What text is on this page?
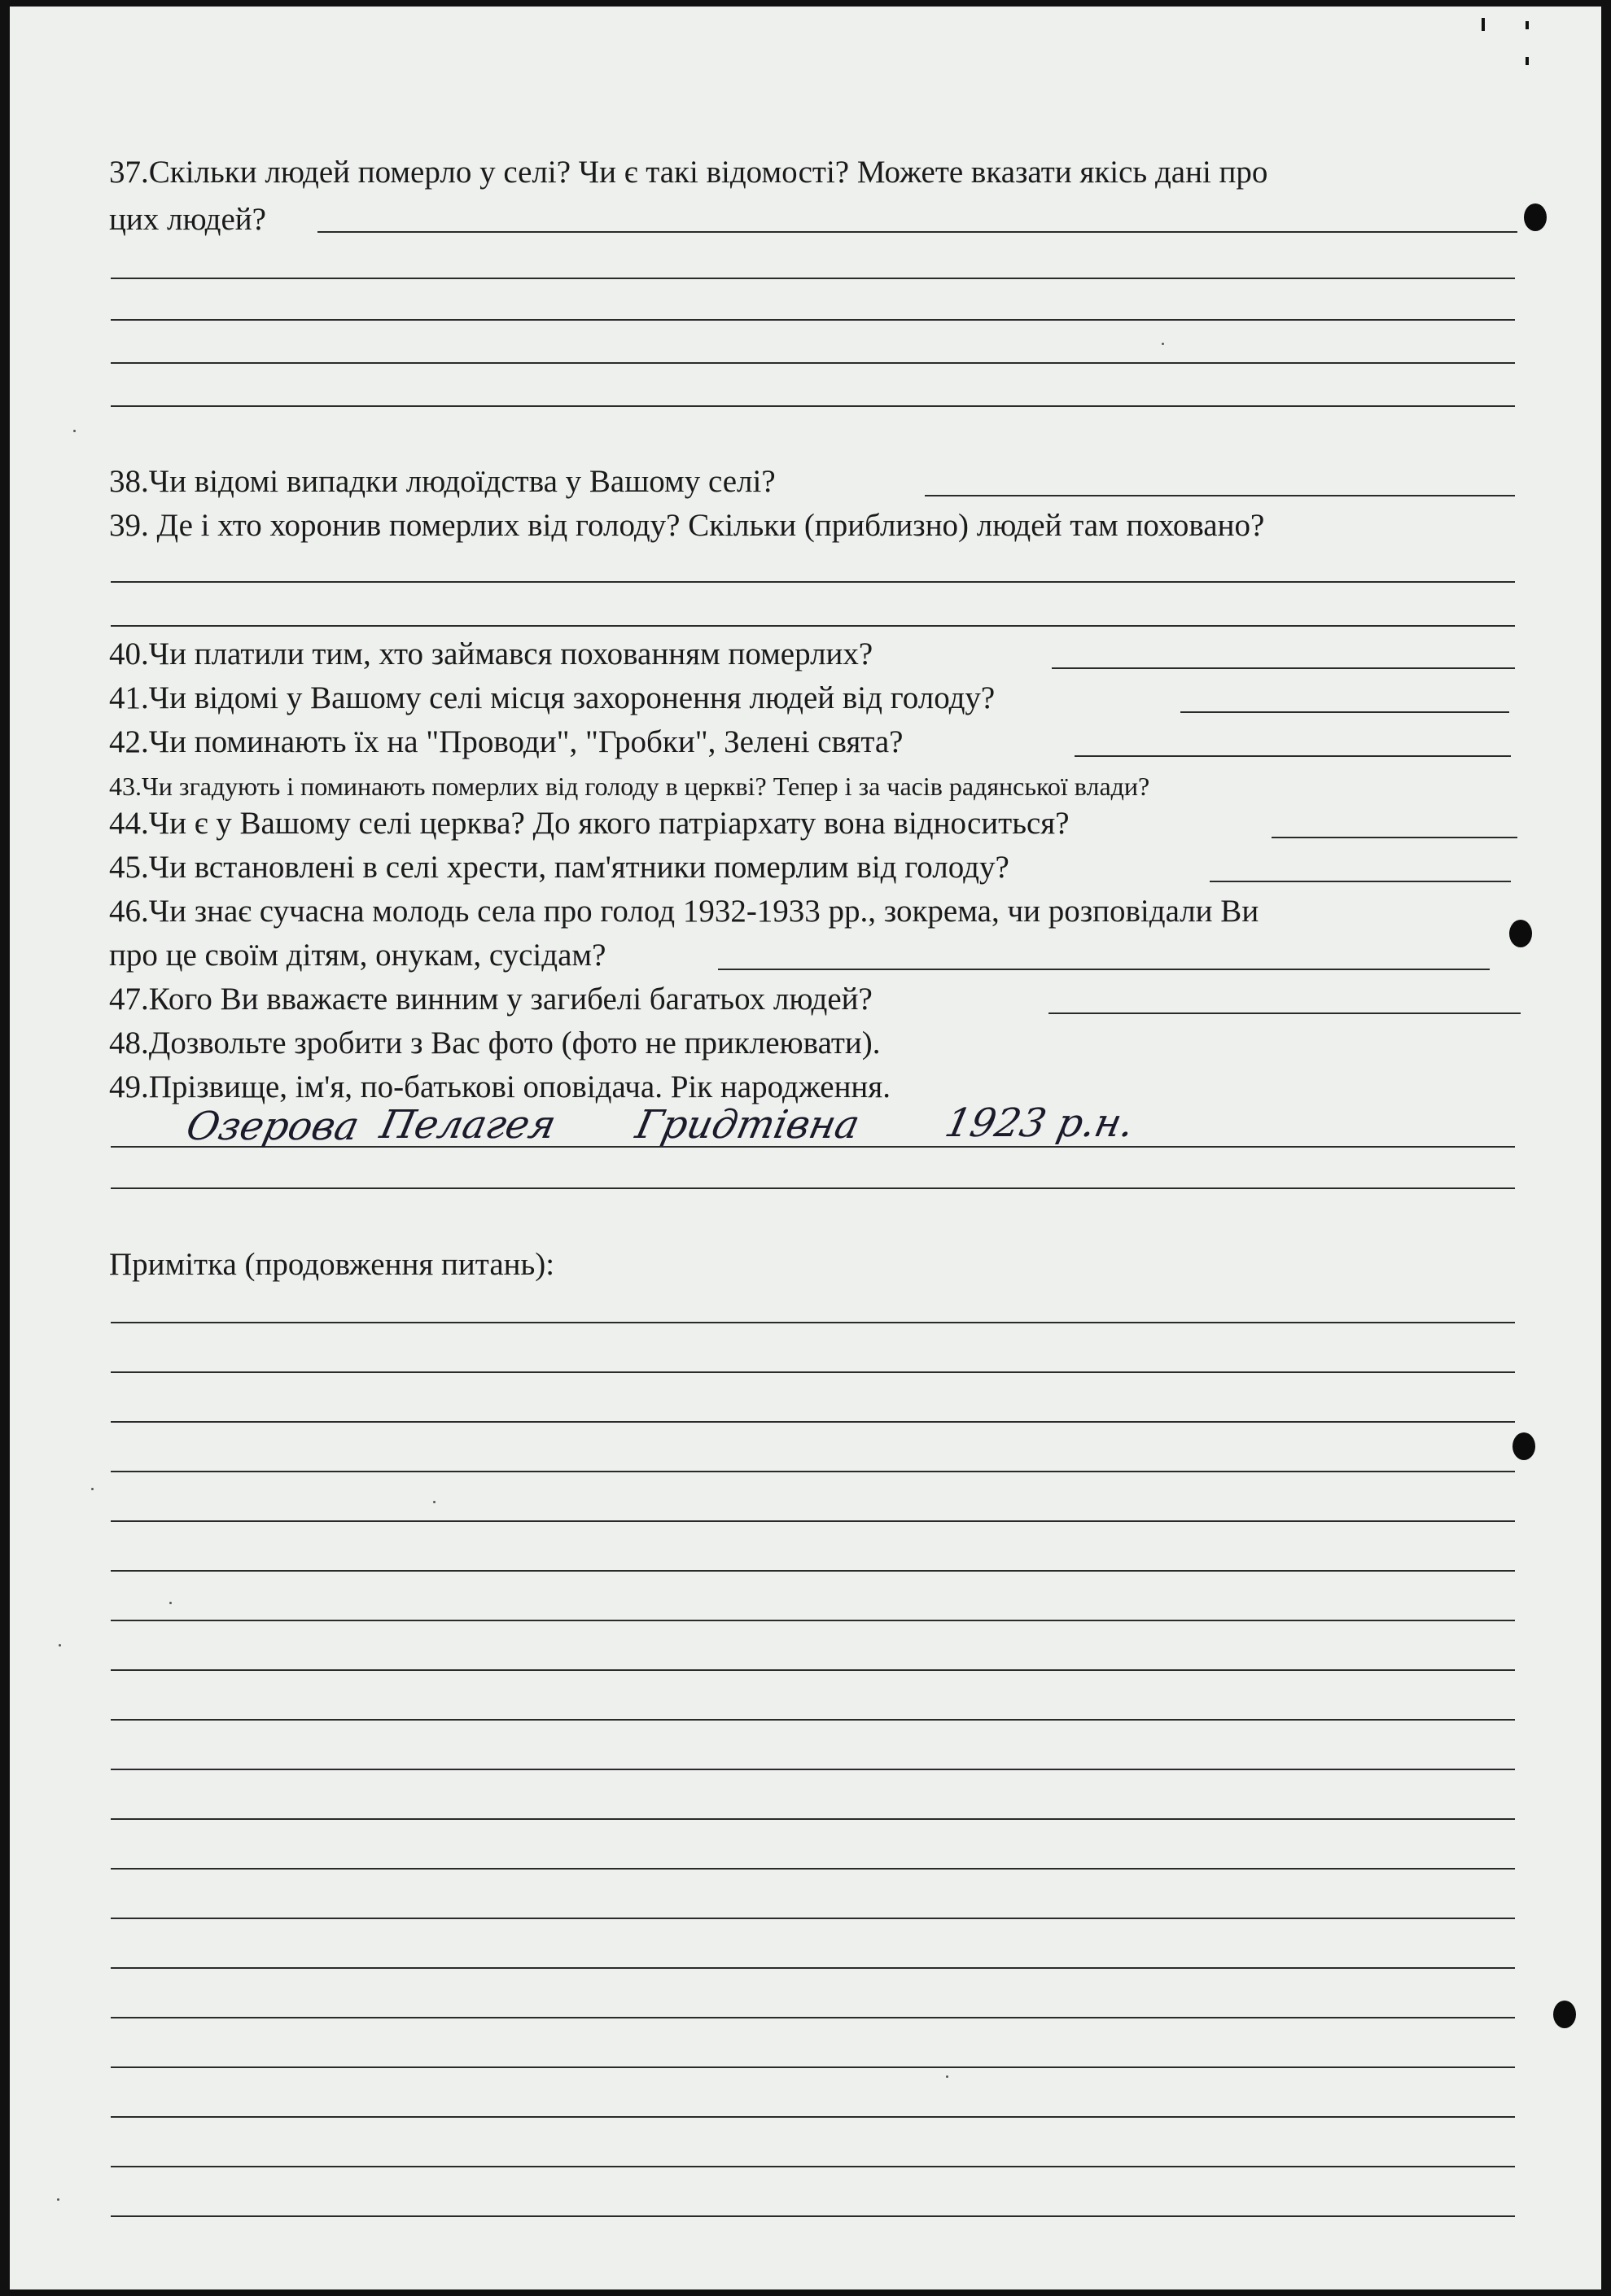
37.Скільки людей померло у селі? Чи є такі відомості? Можете вказати якісь дані про
цих людей?
38.Чи відомі випадки людоїдства у Вашому селі?
39. Де і хто хоронив померлих від голоду? Скільки (приблизно) людей там поховано?
40.Чи платили тим, хто займався похованням померлих?
41.Чи відомі у Вашому селі місця захоронення людей від голоду?
42.Чи поминають їх на "Проводи", "Гробки", Зелені свята?
43.Чи згадують і поминають померлих від голоду в церкві? Тепер і за часів радянської влади?
44.Чи є у Вашому селі церква? До якого патріархату вона відноситься?
45.Чи встановлені в селі хрести, пам'ятники померлим від голоду?
46.Чи знає сучасна молодь села про голод 1932-1933 рр., зокрема, чи розповідали Ви
про це своїм дітям, онукам, сусідам?
47.Кого Ви вважаєте винним у загибелі багатьох людей?
48.Дозвольте зробити з Вас фото (фото не приклеювати).
49.Прізвище, ім'я, по-батькові оповідача. Рік народження.
Озерова Пелагея Гридтівна 1923 р.н.
Примітка (продовження питань):
